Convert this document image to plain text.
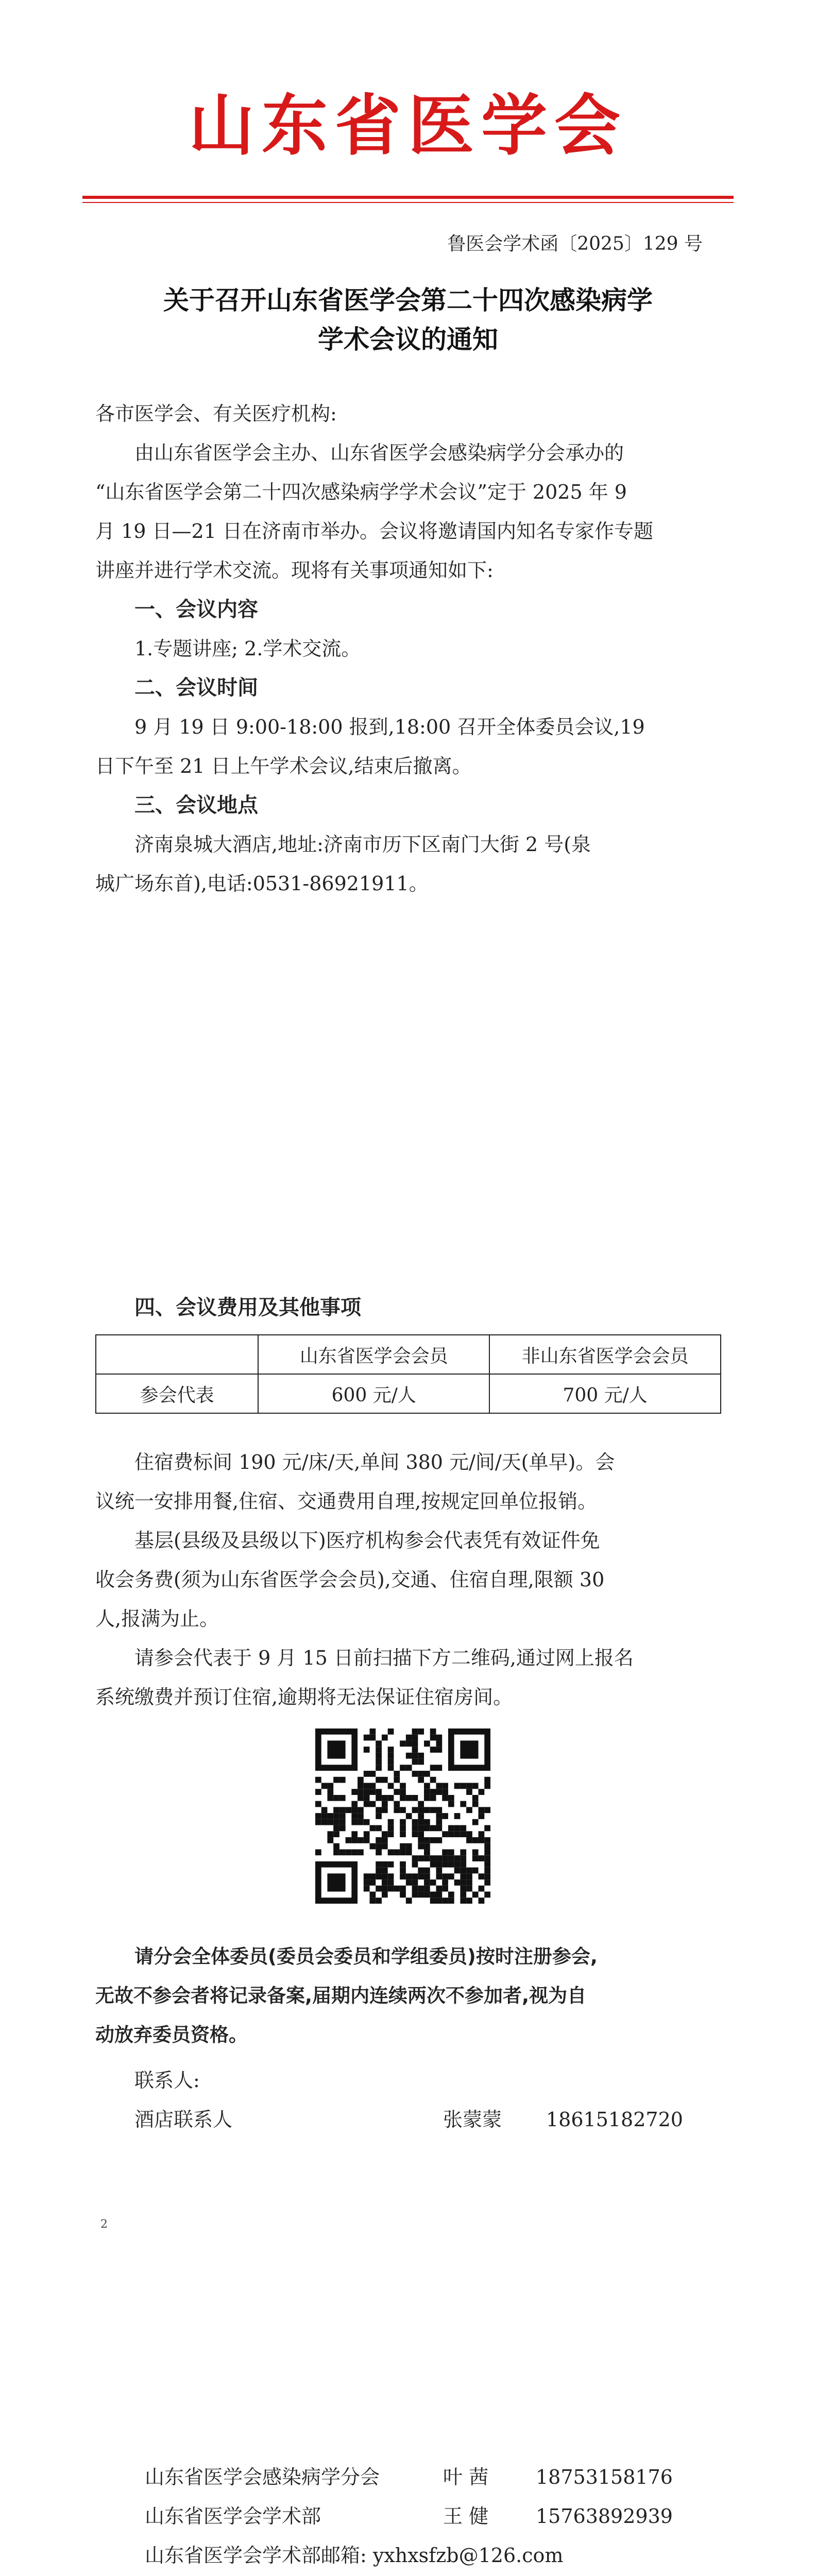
山东省医学会
鲁医会学术函〔2025〕129 号
关于召开山东省医学会第二十四次感染病学
学术会议的通知
各市医学会、有关医疗机构:
由山东省医学会主办、山东省医学会感染病学分会承办的
“山东省医学会第二十四次感染病学学术会议”定于 2025 年 9
月 19 日—21 日在济南市举办。会议将邀请国内知名专家作专题
讲座并进行学术交流。现将有关事项通知如下:
一、会议内容
1.专题讲座; 2.学术交流。
二、会议时间
9 月 19 日 9:00-18:00 报到,18:00 召开全体委员会议,19
日下午至 21 日上午学术会议,结束后撤离。
三、会议地点
济南泉城大酒店,地址:济南市历下区南门大街 2 号(泉
城广场东首),电话:0531-86921911。
四、会议费用及其他事项
	山东省医学会会员	非山东省医学会会员
参会代表	600 元/人	700 元/人
住宿费标间 190 元/床/天,单间 380 元/间/天(单早)。会
议统一安排用餐,住宿、交通费用自理,按规定回单位报销。
基层(县级及县级以下)医疗机构参会代表凭有效证件免
收会务费(须为山东省医学会会员),交通、住宿自理,限额 30
人,报满为止。
请参会代表于 9 月 15 日前扫描下方二维码,通过网上报名
系统缴费并预订住宿,逾期将无法保证住宿房间。
请分会全体委员(委员会委员和学组委员)按时注册参会,
无故不参会者将记录备案,届期内连续两次不参加者,视为自
动放弃委员资格。
联系人:
酒店联系人	张蒙蒙 18615182720
2
山东省医学会感染病学分会	叶 茜 18753158176
山东省医学会学术部	王 健 15763892939
山东省医学会学术部邮箱: yxhxsfzb@126.com
